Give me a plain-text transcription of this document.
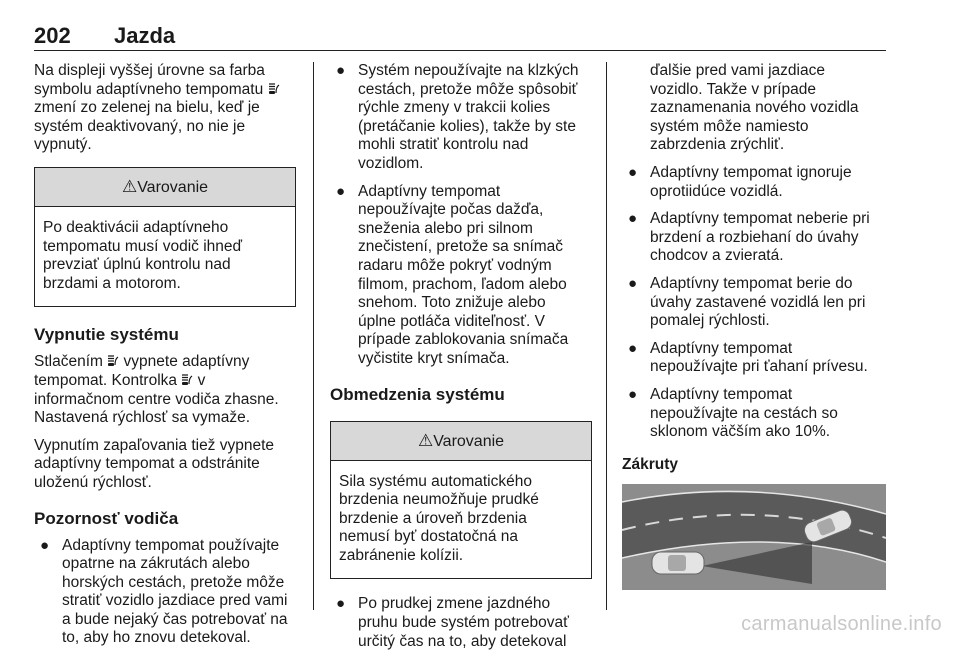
202 Jazda

Na displeji vyššej úrovne sa farba
symbolu adaptívneho tempomatu
zmení zo zelenej na bielu, keď je
systém deaktivovaný, no nie je
vypnutý.

⚠Varovanie
Po deaktivácii adaptívneho
tempomatu musí vodič ihneď
prevziať úplnú kontrolu nad
brzdami a motorom.
Vypnutie systému

Stlačením vypnete adaptívny
tempomat. Kontrolka v
informačnom centre vodiča zhasne.
Nastavená rýchlosť sa vymaže.

Vypnutím zapaľovania tiež vypnete
adaptívny tempomat a odstránite
uloženú rýchlosť.

Pozornosť vodiča
● Adaptívny tempomat používajte
opatrne na zákrutách alebo
horských cestách, pretože môže
stratiť vozidlo jazdiace pred vami
a bude nejaký čas potrebovať na
to, aby ho znovu detekoval.
● Systém nepoužívajte na klzkých
cestách, pretože môže spôsobiť
rýchle zmeny v trakcii kolies
(pretáčanie kolies), takže by ste
mohli stratiť kontrolu nad
vozidlom.
● Adaptívny tempomat
nepoužívajte počas dažďa,
sneženia alebo pri silnom
znečistení, pretože sa snímač
radaru môže pokryť vodným
filmom, prachom, ľadom alebo
snehom. Toto znižuje alebo
úplne potláča viditeľnosť. V
prípade zablokovania snímača
vyčistite kryt snímača.
Obmedzenia systému
⚠Varovanie
Sila systému automatického
brzdenia neumožňuje prudké
brzdenie a úroveň brzdenia
nemusí byť dostatočná na
zabránenie kolízii.
● Po prudkej zmene jazdného
pruhu bude systém potrebovať
určitý čas na to, aby detekoval
ďalšie pred vami jazdiace
vozidlo. Takže v prípade
zaznamenania nového vozidla
systém môže namiesto
zabrzdenia zrýchliť.
● Adaptívny tempomat ignoruje
oprotiidúce vozidlá.
● Adaptívny tempomat neberie pri
brzdení a rozbiehaní do úvahy
chodcov a zvieratá.
● Adaptívny tempomat berie do
úvahy zastavené vozidlá len pri
pomalej rýchlosti.
● Adaptívny tempomat
nepoužívajte pri ťahaní prívesu.
● Adaptívny tempomat
nepoužívajte na cestách so
sklonom väčším ako 10%.
Zákruty
carmanualsonline.info
